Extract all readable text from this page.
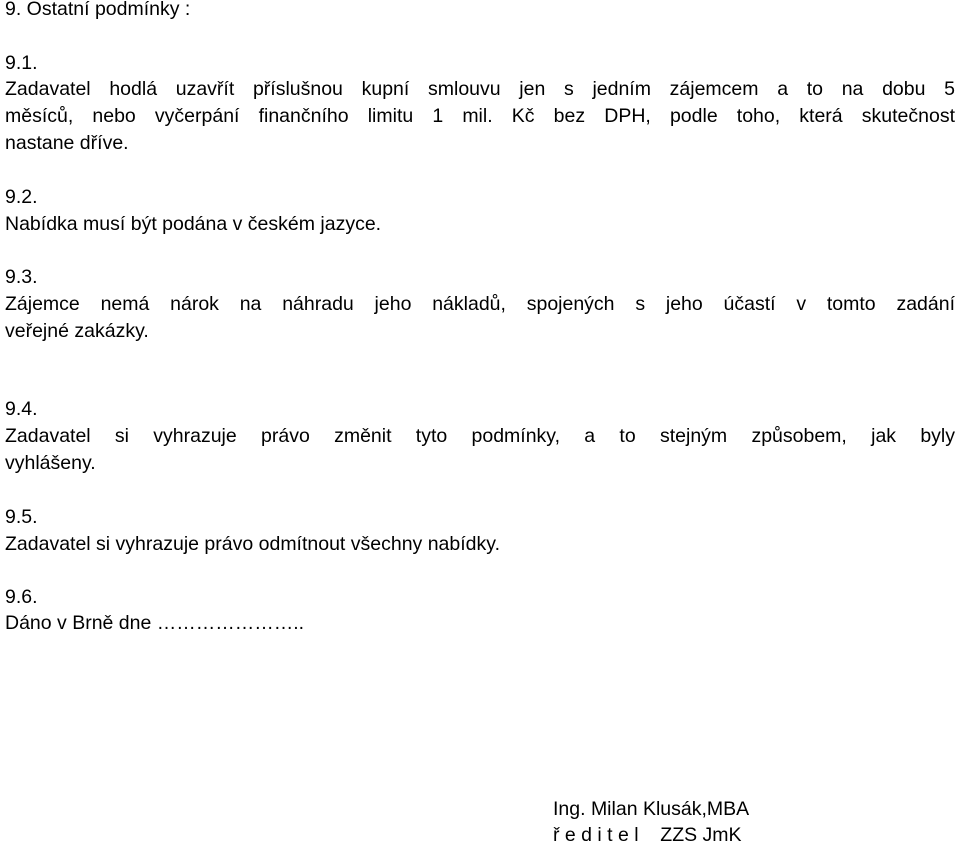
9. Ostatní podmínky :
9.1.
Zadavatel hodlá uzavřít příslušnou kupní smlouvu jen s jedním zájemcem a to na dobu 5
měsíců, nebo vyčerpání finančního limitu 1 mil. Kč bez DPH, podle toho, která skutečnost
nastane dříve.
9.2.
Nabídka musí být podána v českém jazyce.
9.3.
Zájemce nemá nárok na náhradu jeho nákladů, spojených s jeho účastí v tomto zadání
veřejné zakázky.
9.4.
Zadavatel si vyhrazuje právo změnit tyto podmínky, a to stejným způsobem, jak byly
vyhlášeny.
9.5.
Zadavatel si vyhrazuje právo odmítnout všechny nabídky.
9.6.
Dáno v Brně dne …………………..
Ing. Milan Klusák,MBA
ř e d i t e l    ZZS JmK
